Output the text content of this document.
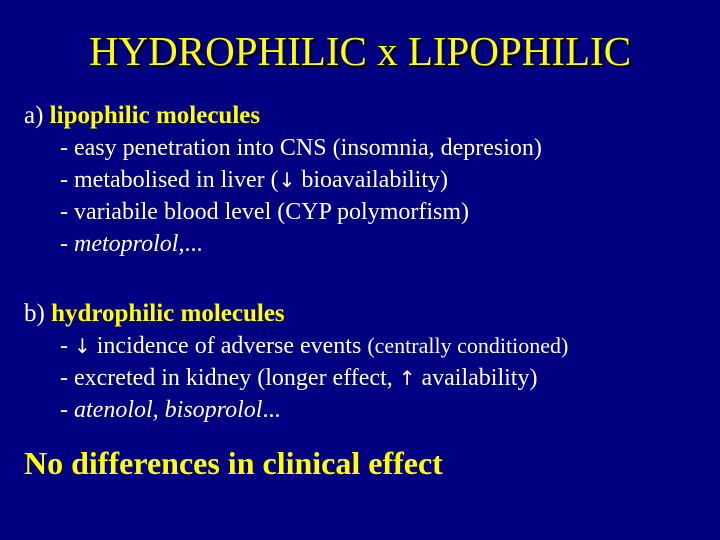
HYDROPHILIC x LIPOPHILIC
a) lipophilic molecules
- easy penetration into CNS (insomnia, depresion)
- metabolised in liver (↓ bioavailability)
- variabile blood level (CYP polymorfism)
- metoprolol,...
b) hydrophilic molecules
- ↓ incidence of adverse events (centrally conditioned)
- excreted in kidney (longer effect, ↑ availability)
- atenolol, bisoprolol...
No differences in clinical effect
